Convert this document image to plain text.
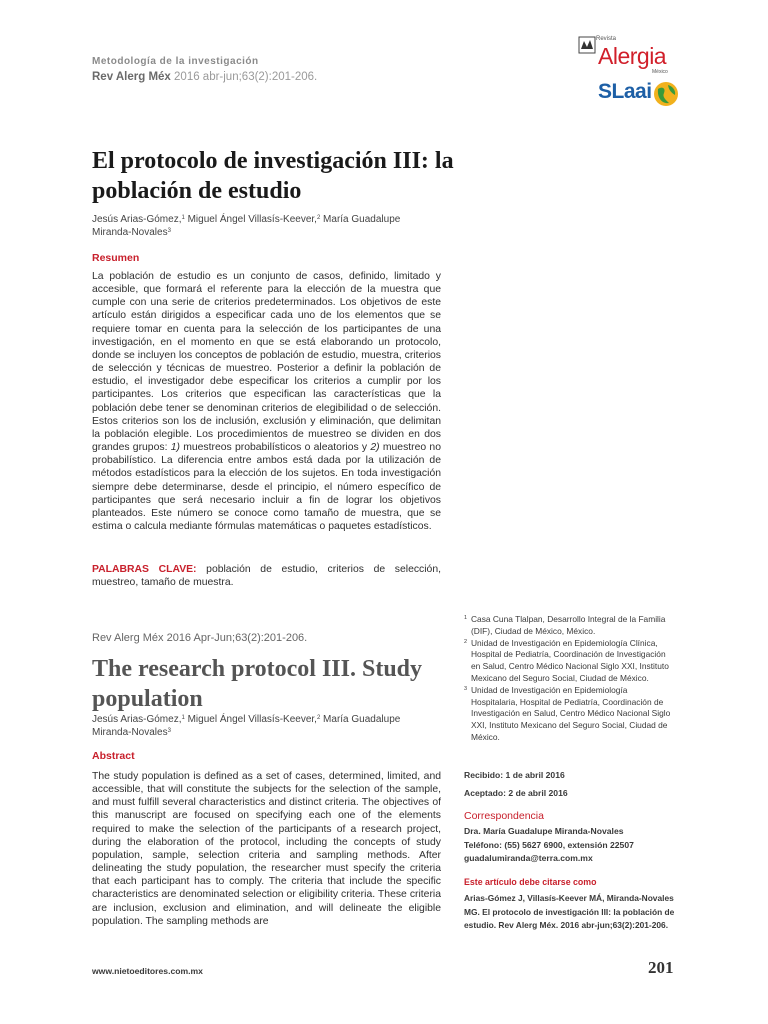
Metodología de la investigación
Rev Alerg Méx 2016 abr-jun;63(2):201-206.
Revista
Alergia
México
SLaai
El protocolo de investigación III: la población de estudio
Jesús Arias-Gómez,$^1$ Miguel Ángel Villasís-Keever,$^2$ María Guadalupe Miranda-Novales$^3$
Resumen

La población de estudio es un conjunto de casos, definido, limitado y accesible, que formará el referente para la elección de la muestra que cumple con una serie de criterios predeterminados. Los objetivos de este artículo están dirigidos a especificar cada uno de los elementos que se requiere tomar en cuenta para la selección de los participantes de una investigación, en el momento en que se está elaborando un protocolo, donde se incluyen los conceptos de población de estudio, muestra, criterios de selección y técnicas de muestreo. Posterior a definir la población de estudio, el investigador debe especificar los criterios a cumplir por los participantes. Los criterios que especifican las características que la población debe tener se denominan criterios de elegibilidad o de selección. Estos criterios son los de inclusión, exclusión y eliminación, que delimitan la población elegible. Los procedimientos de muestreo se dividen en dos grandes grupos: 1) muestreos probabilísticos o aleatorios y 2) muestreo no probabilístico. La diferencia entre ambos está dada por la utilización de métodos estadísticos para la elección de los sujetos. En toda investigación siempre debe determinarse, desde el principio, el número específico de participantes que será necesario incluir a fin de lograr los objetivos planteados. Este número se conoce como tamaño de muestra, que se estima o calcula mediante fórmulas matemáticas o paquetes estadísticos.

PALABRAS CLAVE: población de estudio, criterios de selección, muestreo, tamaño de muestra.

Rev Alerg Méx 2016 Apr-Jun;63(2):201-206.
The research protocol III. Study population
Jesús Arias-Gómez,$^1$ Miguel Ángel Villasís-Keever,$^2$ María Guadalupe Miranda-Novales$^3$
Abstract

The study population is defined as a set of cases, determined, limited, and accessible, that will constitute the subjects for the selection of the sample, and must fulfill several characteristics and distinct criteria. The objectives of this manuscript are focused on specifying each one of the elements required to make the selection of the participants of a research project, during the elaboration of the protocol, including the concepts of study population, sample, selection criteria and sampling methods. After delineating the study population, the researcher must specify the criteria that each participant has to comply. The criteria that include the specific characteristics are denominated selection or eligibility criteria. These criteria are inclusion, exclusion and elimination, and will delineate the eligible population. The sampling methods are

1 Casa Cuna Tlalpan, Desarrollo Integral de la Familia (DIF), Ciudad de México, México.
2 Unidad de Investigación en Epidemiología Clínica, Hospital de Pediatría, Coordinación de Investigación en Salud, Centro Médico Nacional Siglo XXI, Instituto Mexicano del Seguro Social, Ciudad de México.
3 Unidad de Investigación en Epidemiología Hospitalaria, Hospital de Pediatría, Coordinación de Investigación en Salud, Centro Médico Nacional Siglo XXI, Instituto Mexicano del Seguro Social, Ciudad de México.
Recibido: 1 de abril 2016
Aceptado: 2 de abril 2016
Correspondencia
Dra. María Guadalupe Miranda-Novales
Teléfono: (55) 5627 6900, extensión 22507
guadalumiranda@terra.com.mx
Este artículo debe citarse como
Arias-Gómez J, Villasís-Keever MÁ, Miranda-Novales MG. El protocolo de investigación III: la población de estudio. Rev Alerg Méx. 2016 abr-jun;63(2):201-206.
www.nietoeditores.com.mx	201
